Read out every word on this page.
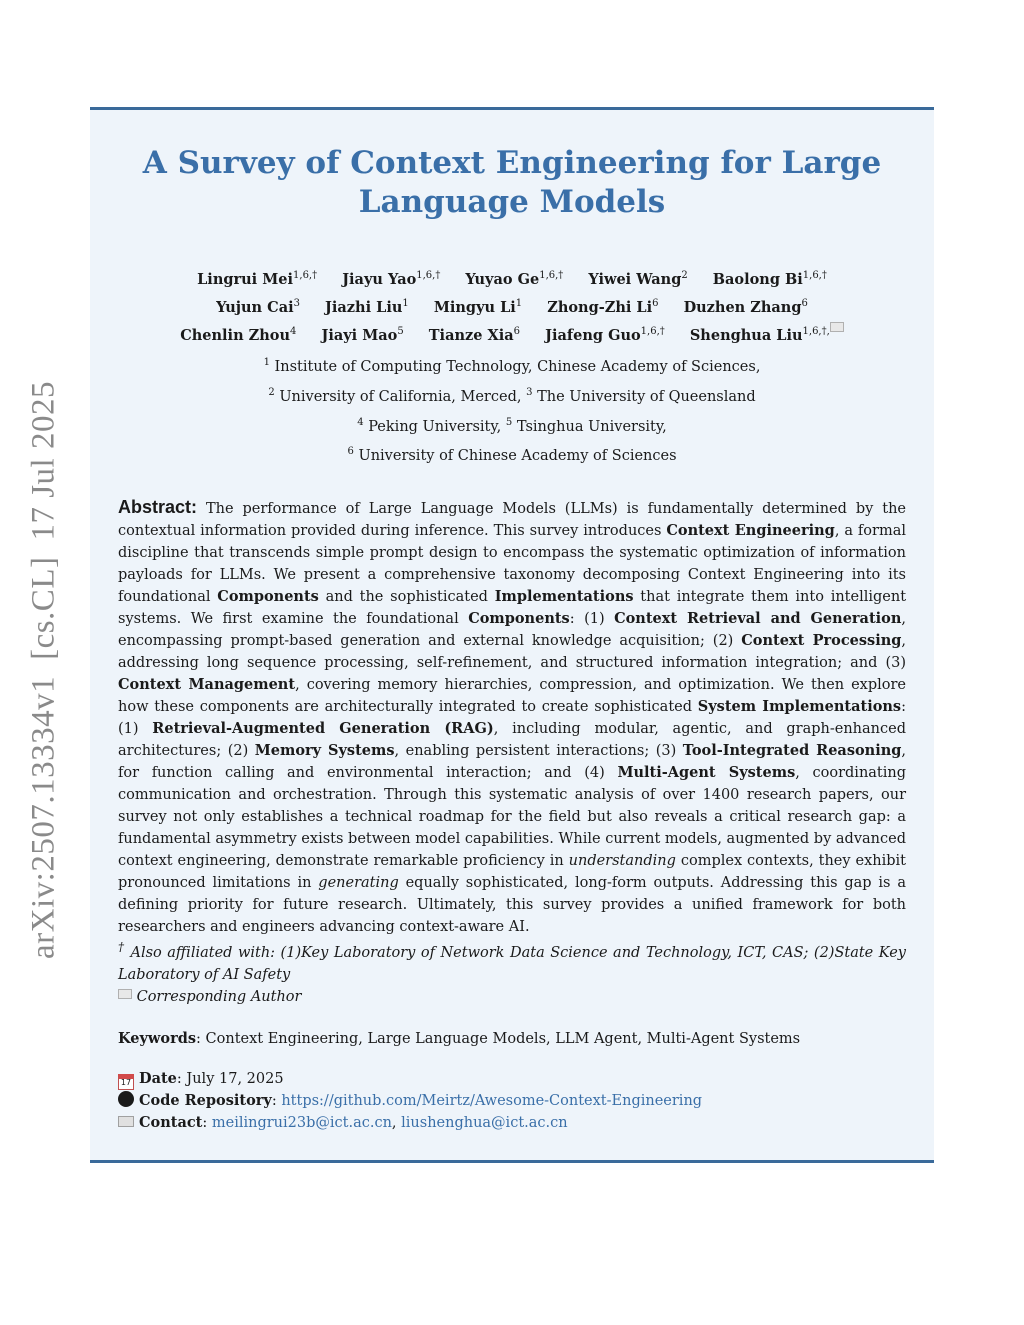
arXiv:2507.13334v1[cs.CL]17 Jul 2025
A Survey of Context Engineering for Large Language Models
Lingrui Mei$^{1,6,\dagger}$ Jiayu Yao$^{1,6,\dagger}$ Yuyao $Ge^{1,6,\dagger}$ Yiwei Wang$^2$ Baolong $Bi^{1,6,\dagger}$
Yujun Cai$^3$ Jiazhi Liu$^1$ Mingyu Li$^1$ Zhong-Zhi Li$^6$ Duzhen Zhang$^6$
Chenlin Zhou$^4$ Jiayi Mao$^5$ Tianze Xia$^6$ Jiafeng Guo$^{1,6,\dagger}$ Shenghua Liu$^{1,6,\dagger,}$
$^1$ Institute of Computing Technology, Chinese Academy of Sciences,
$^2$ University of California, Merced, $^3$ The University of Queensland
$^4$ Peking University, $^5$ Tsinghua University,
$^6$ University of Chinese Academy of Sciences

Abstract: The performance of Large Language Models (LLMs) is fundamentally determined by the contextual information provided during inference. This survey introduces Context Engineering, a formal discipline that transcends simple prompt design to encompass the systematic optimization of information payloads for LLMs. We present a comprehensive taxonomy decomposing Context Engineering into its foundational Components and the sophisticated Implementations that integrate them into intelligent systems. We first examine the foundational Components: (1) Context Retrieval and Generation, encompassing prompt-based generation and external knowledge acquisition; (2) Context Processing, addressing long sequence processing, self-refinement, and structured information integration; and (3) Context Management, covering memory hierarchies, compression, and optimization. We then explore how these components are architecturally integrated to create sophisticated System Implementations: (1) Retrieval-Augmented Generation (RAG), including modular, agentic, and graph-enhanced architectures; (2) Memory Systems, enabling persistent interactions; (3) Tool-Integrated Reasoning, for function calling and environmental interaction; and (4) Multi-Agent Systems, coordinating communication and orchestration. Through this systematic analysis of over 1400 research papers, our survey not only establishes a technical roadmap for the field but also reveals a critical research gap: a fundamental asymmetry exists between model capabilities. While current models, augmented by advanced context engineering, demonstrate remarkable proficiency in understanding complex contexts, they exhibit pronounced limitations in generating equally sophisticated, long-form outputs. Addressing this gap is a defining priority for future research. Ultimately, this survey provides a unified framework for both researchers and engineers advancing context-aware AI.

† Also affiliated with: (1)Key Laboratory of Network Data Science and Technology, ICT, CAS; (2)State Key Laboratory of AI Safety
Corresponding Author
Keywords: Context Engineering, Large Language Models, LLM Agent, Multi-Agent Systems
17 Date: July 17, 2025
Code Repository: https://github.com/Meirtz/Awesome-Context-Engineering
Contact: meilingrui23b@ict.ac.cn, liushenghua@ict.ac.cn
